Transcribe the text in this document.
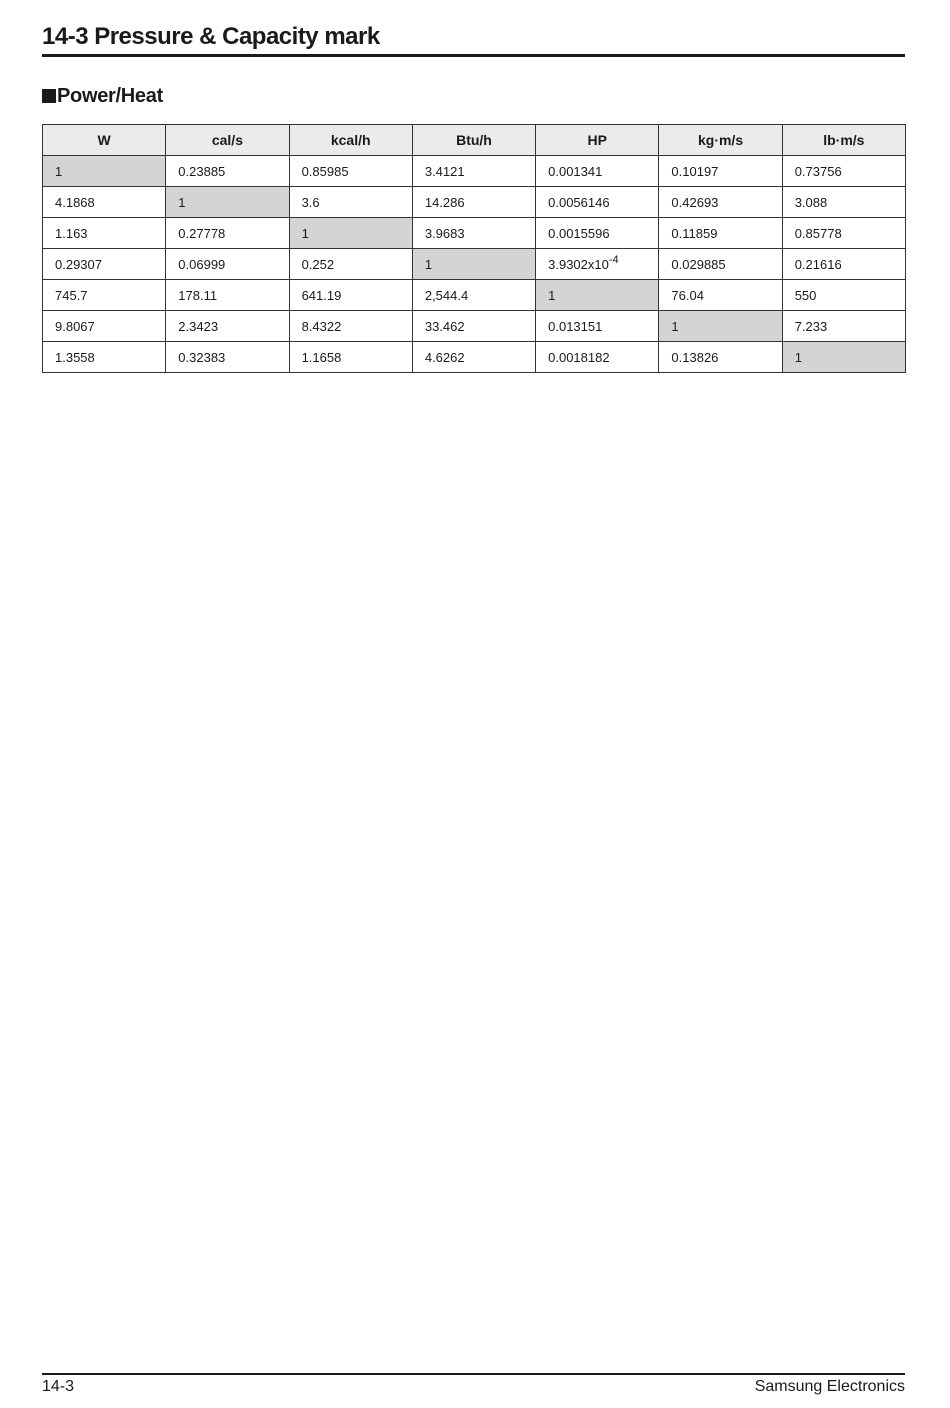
14-3 Pressure & Capacity mark
Power/Heat
W	cal/s	kcal/h	Btu/h	HP	kg·m/s	lb·m/s
1	0.23885	0.85985	3.4121	0.001341	0.10197	0.73756
4.1868	1	3.6	14.286	0.0056146	0.42693	3.088
1.163	0.27778	1	3.9683	0.0015596	0.11859	0.85778
0.29307	0.06999	0.252	1	$3.9302x10^{-4}$	0.029885	0.21616
745.7	178.11	641.19	2,544.4	1	76.04	550
9.8067	2.3423	8.4322	33.462	0.013151	1	7.233
1.3558	0.32383	1.1658	4.6262	0.0018182	0.13826	1
14-3	Samsung Electronics
